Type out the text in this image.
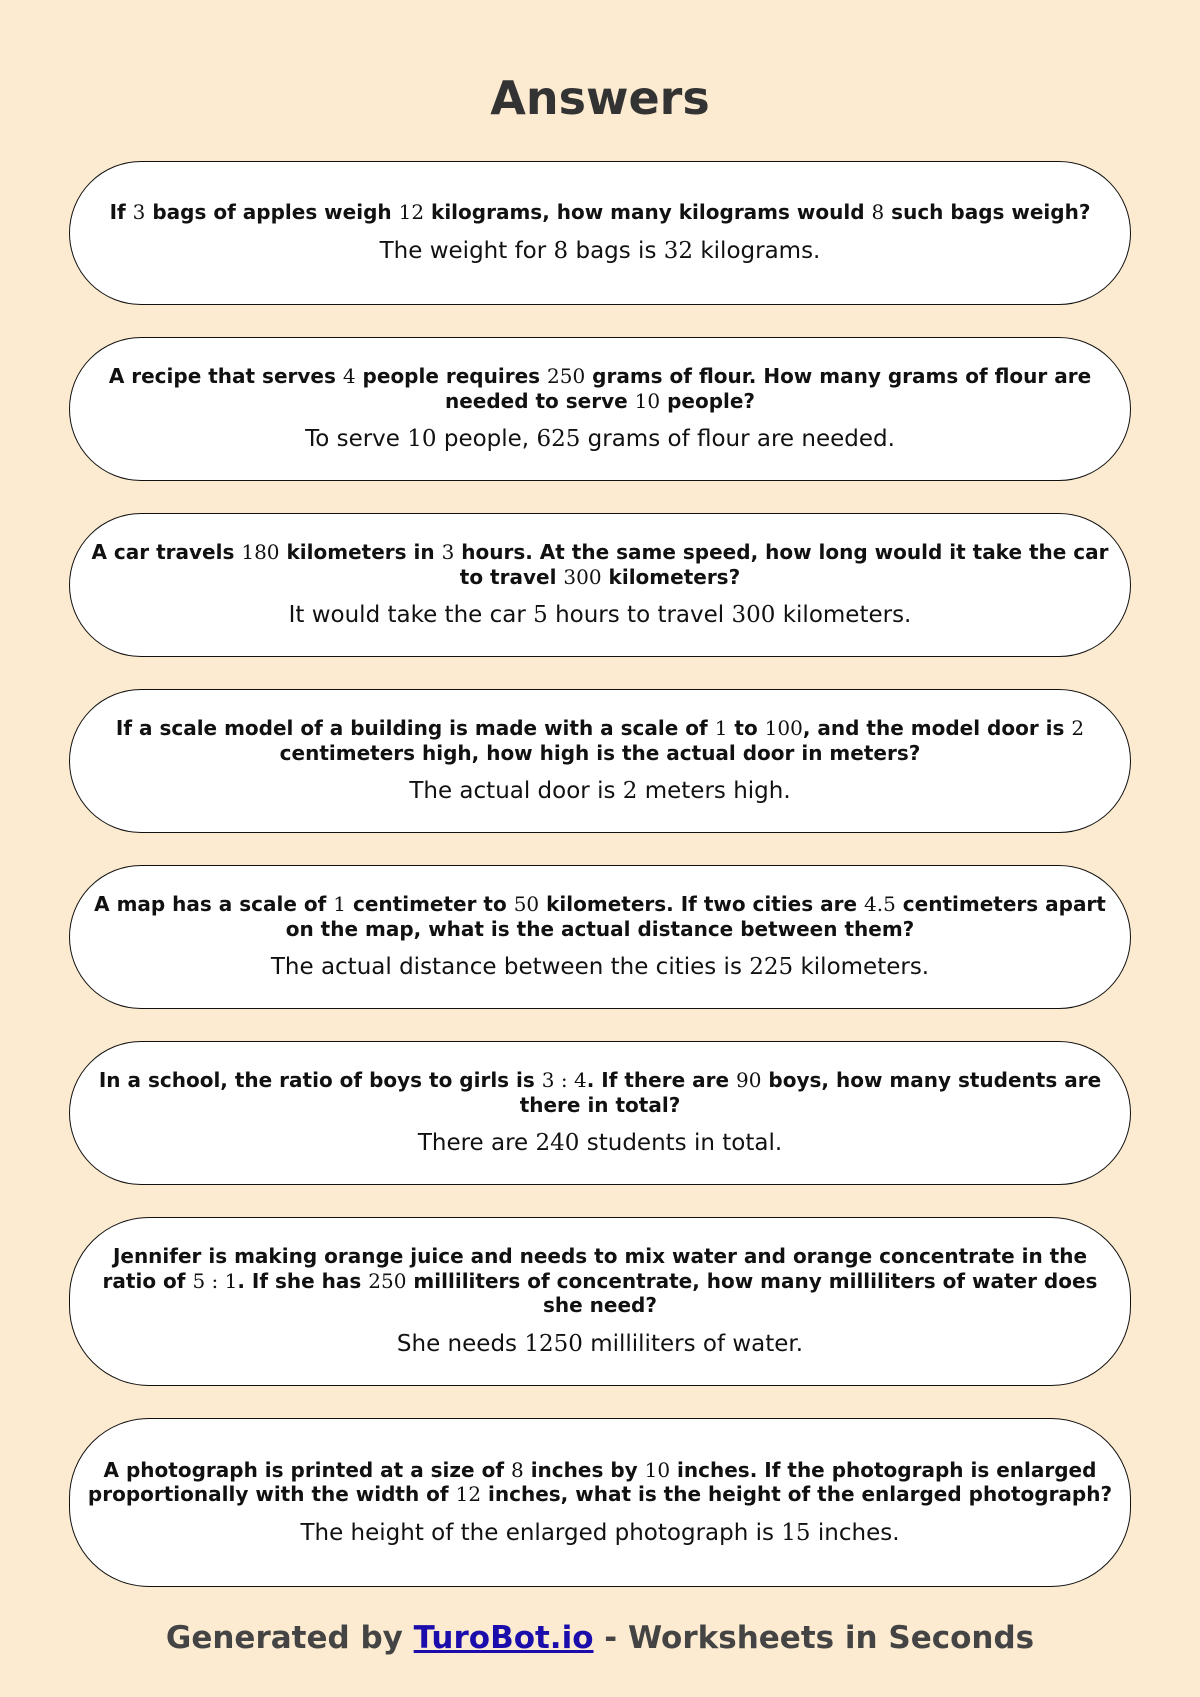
Answers
If 3 bags of apples weigh 12 kilograms, how many kilograms would 8 such bags weigh?
The weight for 8 bags is 32 kilograms.
A recipe that serves 4 people requires 250 grams of flour. How many grams of flour are needed to serve 10 people?
To serve 10 people, 625 grams of flour are needed.
A car travels 180 kilometers in 3 hours. At the same speed, how long would it take the car to travel 300 kilometers?
It would take the car 5 hours to travel 300 kilometers.
If a scale model of a building is made with a scale of 1 to 100, and the model door is 2 centimeters high, how high is the actual door in meters?
The actual door is 2 meters high.
A map has a scale of 1 centimeter to 50 kilometers. If two cities are 4.5 centimeters apart on the map, what is the actual distance between them?
The actual distance between the cities is 225 kilometers.
In a school, the ratio of boys to girls is 3 : 4. If there are 90 boys, how many students are there in total?
There are 240 students in total.
Jennifer is making orange juice and needs to mix water and orange concentrate in the ratio of 5 : 1. If she has 250 milliliters of concentrate, how many milliliters of water does she need?
She needs 1250 milliliters of water.
A photograph is printed at a size of 8 inches by 10 inches. If the photograph is enlarged proportionally with the width of 12 inches, what is the height of the enlarged photograph?
The height of the enlarged photograph is 15 inches.
Generated by TuroBot.io - Worksheets in Seconds
